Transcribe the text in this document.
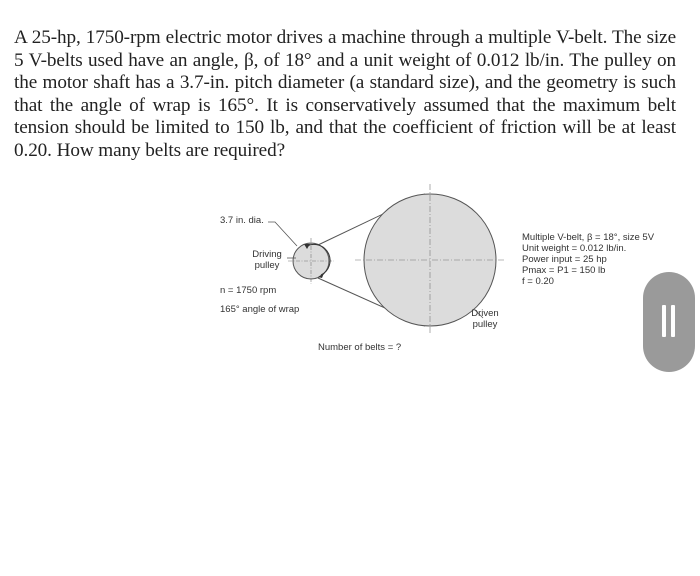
A 25-hp, 1750-rpm electric motor drives a machine through a multiple V-belt. The size 5 V-belts used have an angle, β, of 18° and a unit weight of 0.012 lb/in. The pulley on the motor shaft has a 3.7-in. pitch diameter (a standard size), and the geometry is such that the angle of wrap is 165°. It is conservatively assumed that the maximum belt tension should be limited to 150 lb, and that the coefficient of friction will be at least 0.20. How many belts are required?

3.7 in. dia.
Driving
pulley
n = 1750 rpm
165° angle of wrap	Driven
pulley
Number of belts = ?
Multiple V-belt, β = 18°, size 5V
Unit weight = 0.012 lb/in.
Power input = 25 hp
Pmax = P1 = 150 lb
f = 0.20
